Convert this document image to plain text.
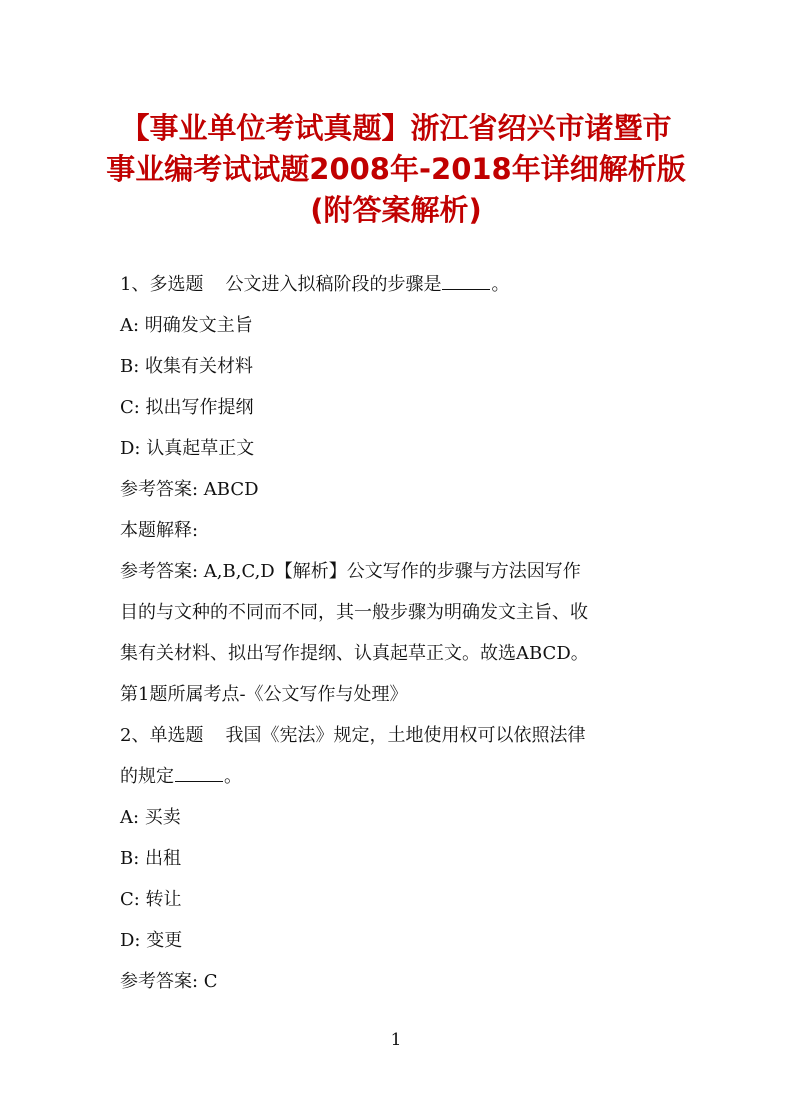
【事业单位考试真题】浙江省绍兴市诸暨市
事业编考试试题2008年-2018年详细解析版
(附答案解析)
1、多选题 公文进入拟稿阶段的步骤是	。
A: 明确发文主旨
B: 收集有关材料
C: 拟出写作提纲
D: 认真起草正文
参考答案: ABCD
本题解释:
参考答案: A,B,C,D【解析】公文写作的步骤与方法因写作
目的与文种的不同而不同，其一般步骤为明确发文主旨、收
集有关材料、拟出写作提纲、认真起草正文。故选ABCD。
第1题所属考点-《公文写作与处理》
2、单选题 我国《宪法》规定，土地使用权可以依照法律
的规定	。
A: 买卖
B: 出租
C: 转让
D: 变更
参考答案: C
1
